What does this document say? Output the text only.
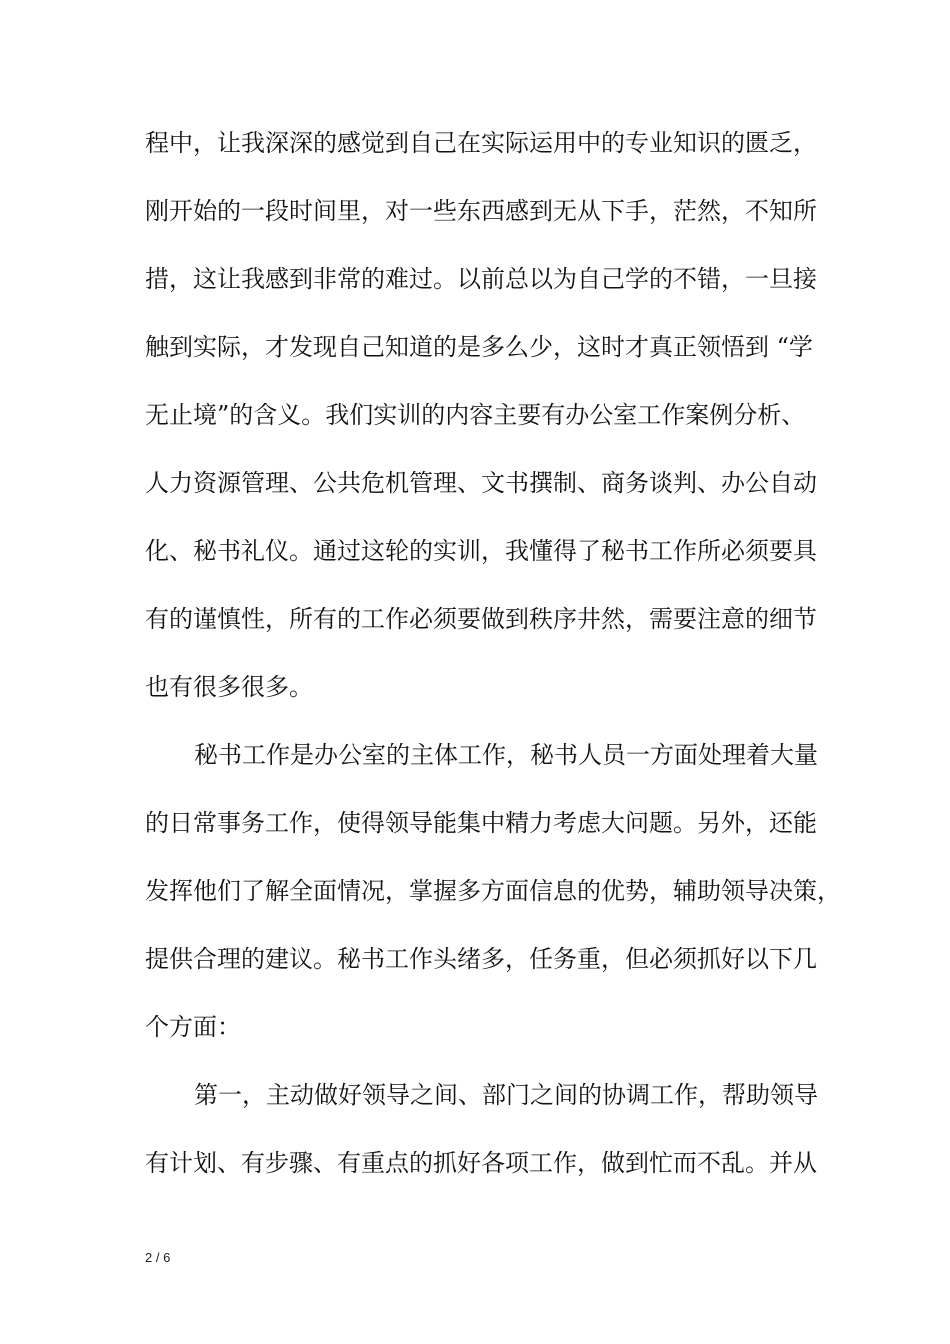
程中，让我深深的感觉到自己在实际运用中的专业知识的匮乏，
刚开始的一段时间里，对一些东西感到无从下手，茫然，不知所
措，这让我感到非常的难过。以前总以为自己学的不错，一旦接
触到实际，才发现自己知道的是多么少，这时才真正领悟到 “学
无止境”的含义。我们实训的内容主要有办公室工作案例分析、
人力资源管理、公共危机管理、文书撰制、商务谈判、办公自动
化、秘书礼仪。通过这轮的实训，我懂得了秘书工作所必须要具
有的谨慎性，所有的工作必须要做到秩序井然，需要注意的细节
也有很多很多。
秘书工作是办公室的主体工作，秘书人员一方面处理着大量
的日常事务工作，使得领导能集中精力考虑大问题。另外，还能
发挥他们了解全面情况，掌握多方面信息的优势，辅助领导决策，
提供合理的建议。秘书工作头绪多，任务重，但必须抓好以下几
个方面：
第一，主动做好领导之间、部门之间的协调工作，帮助领导
有计划、有步骤、有重点的抓好各项工作，做到忙而不乱。并从
2 / 6
